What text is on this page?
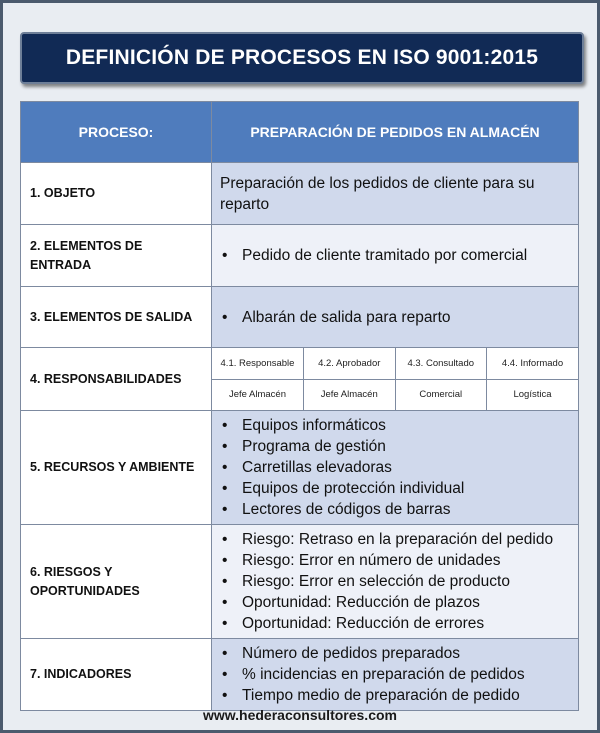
DEFINICIÓN DE PROCESOS EN ISO 9001:2015
PROCESO:	PREPARACIÓN DE PEDIDOS EN ALMACÉN
1. OBJETO	
Preparación de los pedidos de cliente para su reparto

2. ELEMENTOS DE ENTRADA	
• Pedido de cliente tramitado por comercial

3. ELEMENTOS DE SALIDA	
•Albarán de salida para reparto

4. RESPONSABILIDADES	
4.1. Responsable	4.2. Aprobador	4.3. Consultado	4.4. Informado
Jefe Almacén	Jefe Almacén	Comercial	Logística

5. RECURSOS Y AMBIENTE	
• Equipos informáticos
• Programa de gestión
• Carretillas elevadoras
• Equipos de protección individual
• Lectores de códigos de barras

6. RIESGOS Y OPORTUNIDADES	
• Riesgo: Retraso en la preparación del pedido
• Riesgo: Error en número de unidades
• Riesgo: Error en selección de producto
• Oportunidad: Reducción de plazos
• Oportunidad: Reducción de errores

7. INDICADORES	
• Número de pedidos preparados
• % incidencias en preparación de pedidos
• Tiempo medio de preparación de pedido
www.hederaconsultores.com
